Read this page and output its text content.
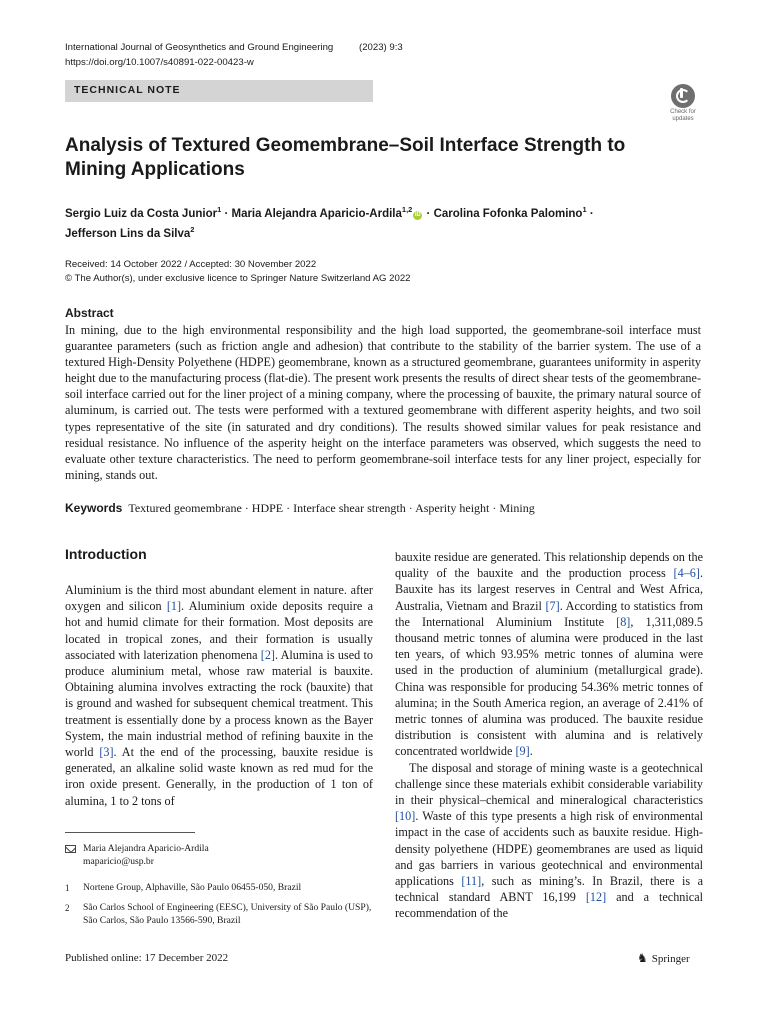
International Journal of Geosynthetics and Ground Engineering	(2023) 9:3
https://doi.org/10.1007/s40891-022-00423-w
TECHNICAL NOTE
Check for
updates
Analysis of Textured Geomembrane–Soil Interface Strength to Mining Applications
Sergio Luiz da Costa Junior$^1$ · Maria Alejandra Aparicio-Ardila$^{1,2}$iD · Carolina Fofonka Palomino$^1$ ·
Jefferson Lins da Silva$^2$
Received: 14 October 2022 / Accepted: 30 November 2022
© The Author(s), under exclusive licence to Springer Nature Switzerland AG 2022
Abstract
In mining, due to the high environmental responsibility and the high load supported, the geomembrane-soil interface must guarantee parameters (such as friction angle and adhesion) that contribute to the stability of the barrier system. The use of a textured High-Density Polyethene (HDPE) geomembrane, known as a structured geomembrane, guarantees uniformity in asperity height due to the manufacturing process (flat-die). The present work presents the results of direct shear tests of the geomembrane-soil interface carried out for the liner project of a mining company, where the processing of bauxite, the primary natural source of aluminum, is carried out. The tests were performed with a textured geomembrane with different asperity heights, and two soil types representative of the site (in saturated and dry conditions). The results showed similar values for peak resistance and residual resistance. No influence of the asperity height on the interface parameters was observed, which suggests the need to evaluate other texture characteristics. The need to perform geomembrane-soil interface tests for any liner project, especially for mining, stands out.
Keywords Textured geomembrane · HDPE · Interface shear strength · Asperity height · Mining
Introduction

Aluminium is the third most abundant element in nature. after oxygen and silicon [1]. Aluminium oxide deposits require a hot and humid climate for their formation. Most deposits are located in tropical zones, and their formation is usually associated with laterization phenomena [2]. Alumina is used to produce aluminium metal, whose raw material is bauxite. Obtaining alumina involves extracting the rock (bauxite) that is ground and washed for subsequent chemical treatment. This treatment is essentially done by a process known as the Bayer System, the main industrial method of refining bauxite in the world [3]. At the end of the processing, bauxite residue is generated, an alkaline solid waste known as red mud for the iron oxide present. Generally, in the production of 1 ton of alumina, 1 to 2 tons of

bauxite residue are generated. This relationship depends on the quality of the bauxite and the production process [4–6]. Bauxite has its largest reserves in Central and West Africa, Australia, Vietnam and Brazil [7]. According to statistics from the International Aluminium Institute [8], 1,311,089.5 thousand metric tonnes of alumina were produced in the last ten years, of which 93.95% metric tonnes of alumina were used in the production of aluminium (metallurgical grade). China was responsible for producing 54.36% metric tonnes of alumina; in the South America region, an average of 2.41% of metric tonnes of alumina was produced. The bauxite residue distribution is consistent with alumina and is relatively concentrated worldwide [9].

The disposal and storage of mining waste is a geotechnical challenge since these materials exhibit considerable variability in their physical–chemical and mineralogical characteristics [10]. Waste of this type presents a high risk of environmental impact in the case of accidents such as bauxite residue. High-density polyethene (HDPE) geomembranes are used as liquid and gas barriers in various geotechnical and environmental applications [11], such as mining’s. In Brazil, there is a technical standard ABNT 16,199 [12] and a technical recommendation of the

Maria Alejandra Aparicio-Ardila
maparicio@usp.br
1 Nortene Group, Alphaville, São Paulo 06455-050, Brazil
2 São Carlos School of Engineering (EESC), University of São Paulo (USP), São Carlos, São Paulo 13566-590, Brazil
Published online: 17 December 2022	♞ Springer
